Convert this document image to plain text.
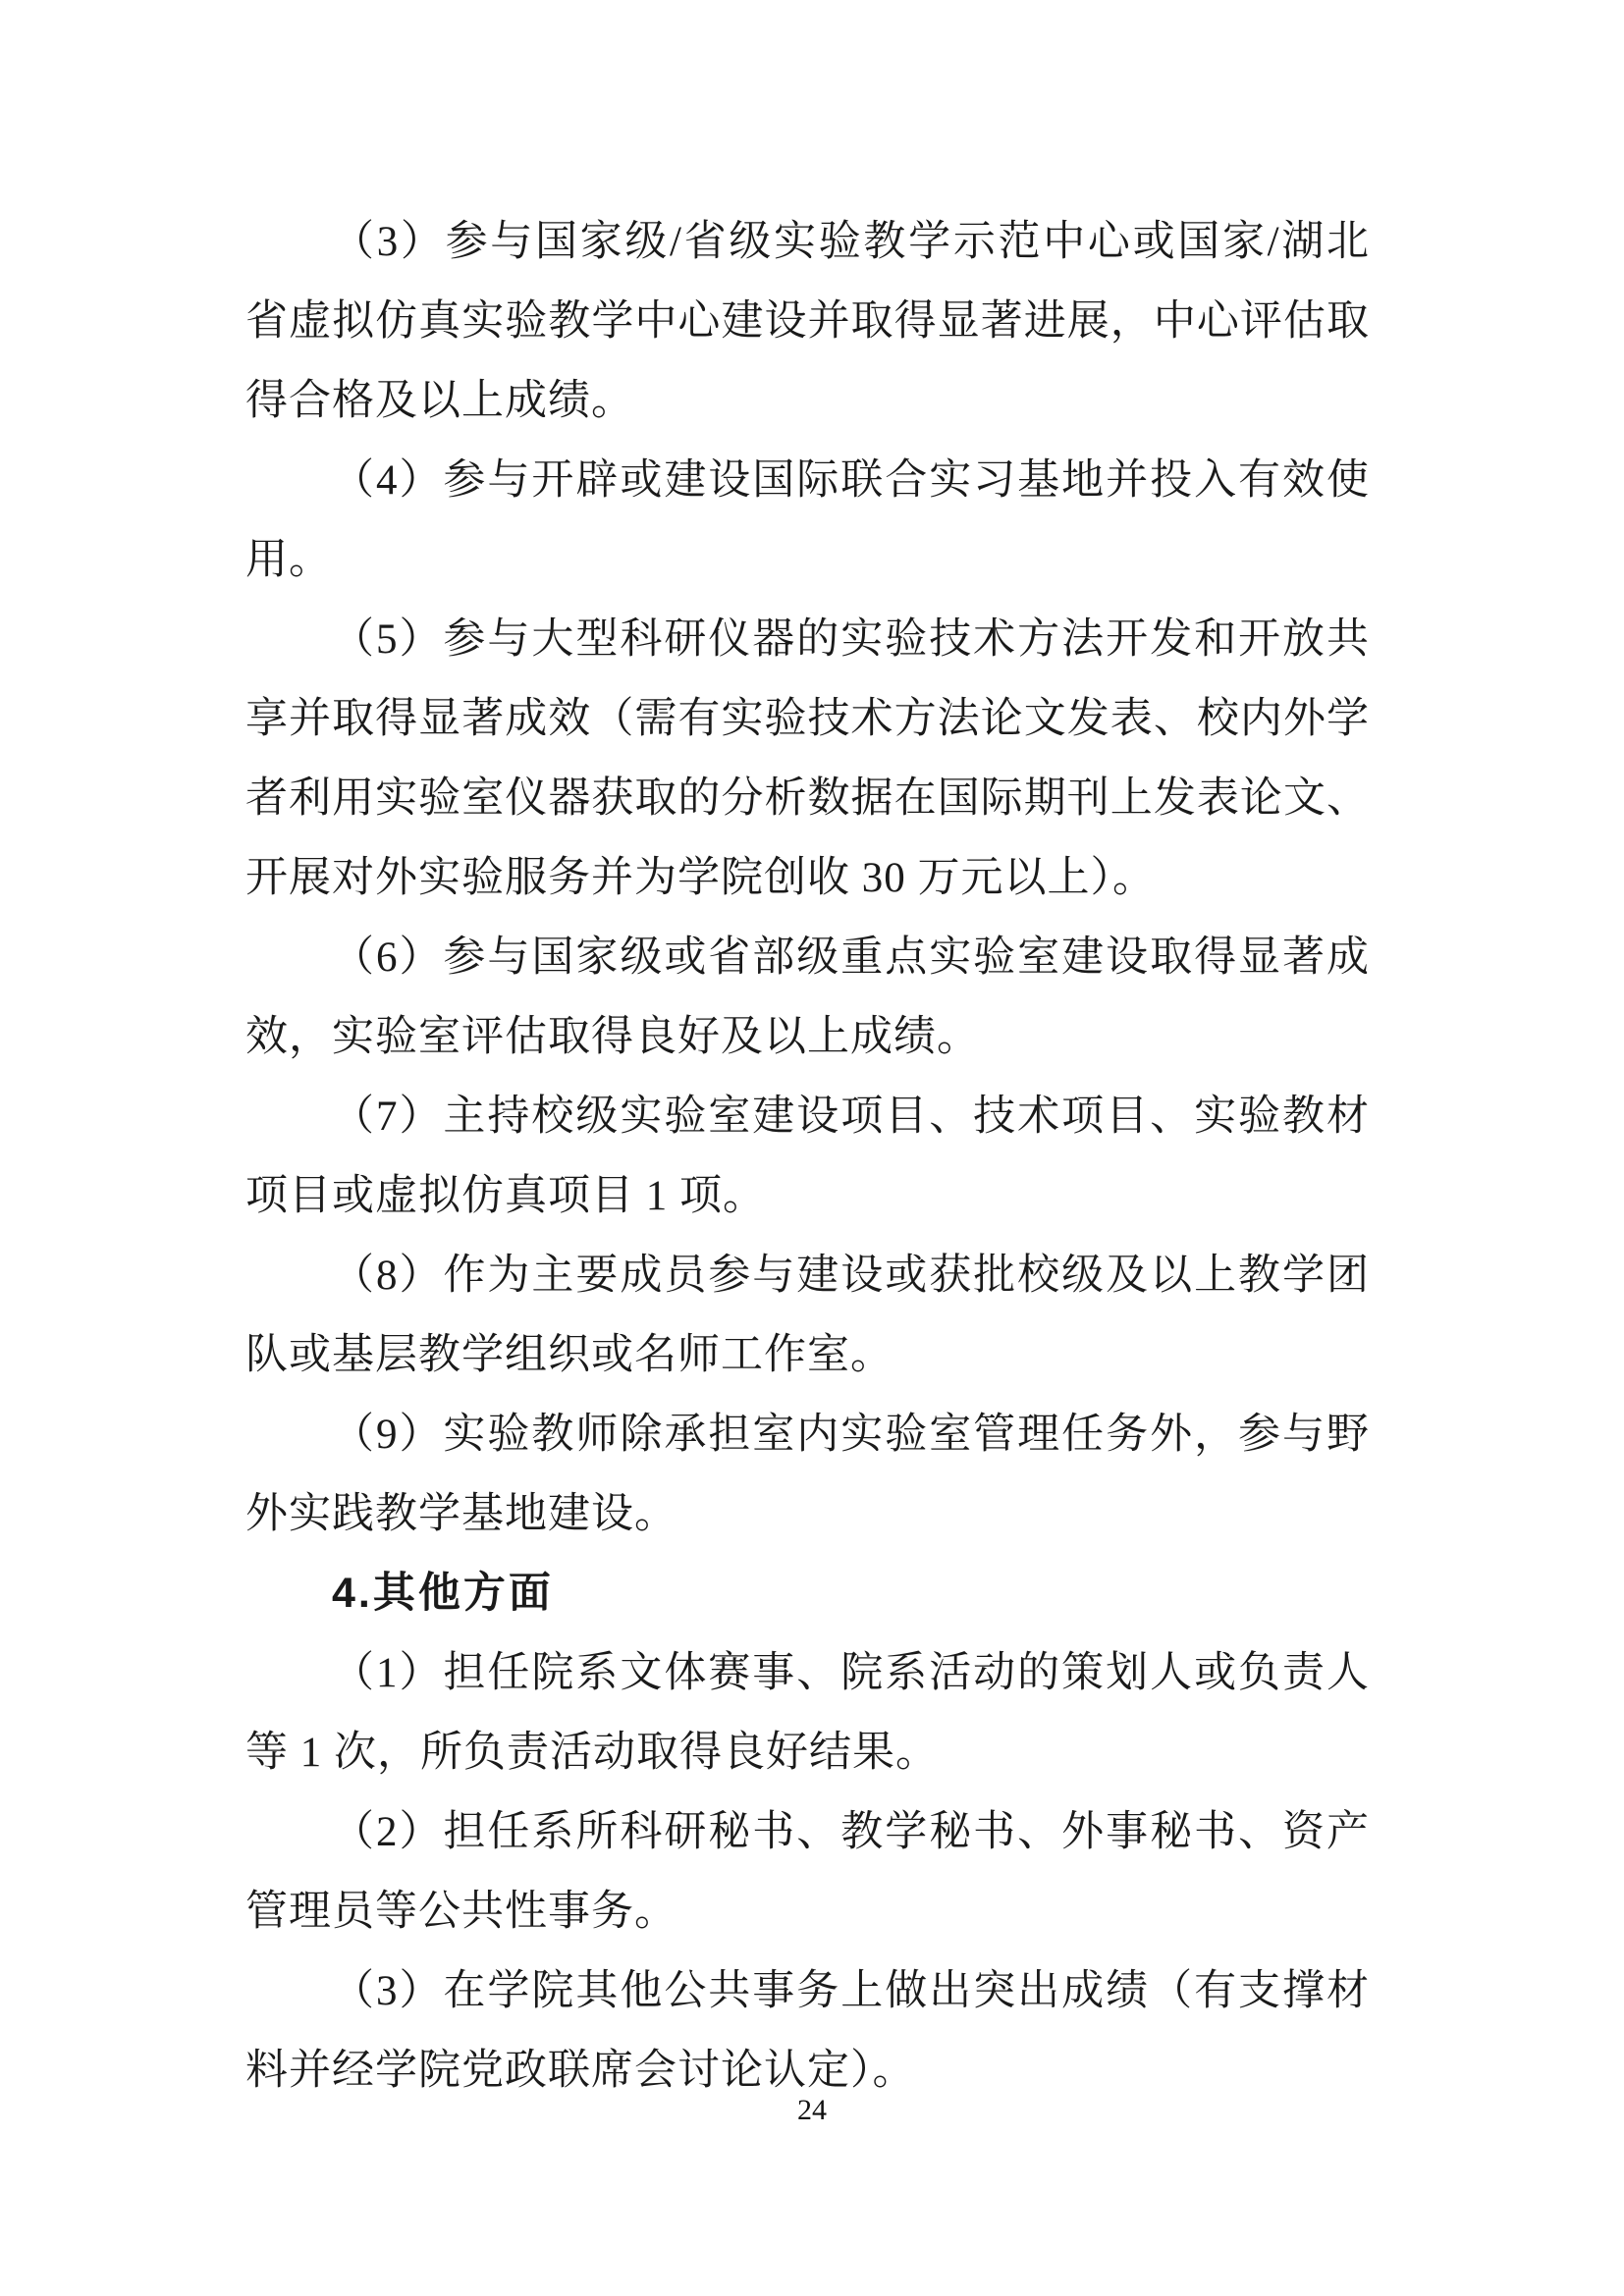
（3）参与国家级/省级实验教学示范中心或国家/湖北
省虚拟仿真实验教学中心建设并取得显著进展，中心评估取
得合格及以上成绩。
（4）参与开辟或建设国际联合实习基地并投入有效使
用。
（5）参与大型科研仪器的实验技术方法开发和开放共
享并取得显著成效（需有实验技术方法论文发表、校内外学
者利用实验室仪器获取的分析数据在国际期刊上发表论文、
开展对外实验服务并为学院创收 30 万元以上）。
（6）参与国家级或省部级重点实验室建设取得显著成
效，实验室评估取得良好及以上成绩。
（7）主持校级实验室建设项目、技术项目、实验教材
项目或虚拟仿真项目 1 项。
（8）作为主要成员参与建设或获批校级及以上教学团
队或基层教学组织或名师工作室。
（9）实验教师除承担室内实验室管理任务外，参与野
外实践教学基地建设。
4.其他方面
（1）担任院系文体赛事、院系活动的策划人或负责人
等 1 次，所负责活动取得良好结果。
（2）担任系所科研秘书、教学秘书、外事秘书、资产
管理员等公共性事务。
（3）在学院其他公共事务上做出突出成绩（有支撑材
料并经学院党政联席会讨论认定）。
24
